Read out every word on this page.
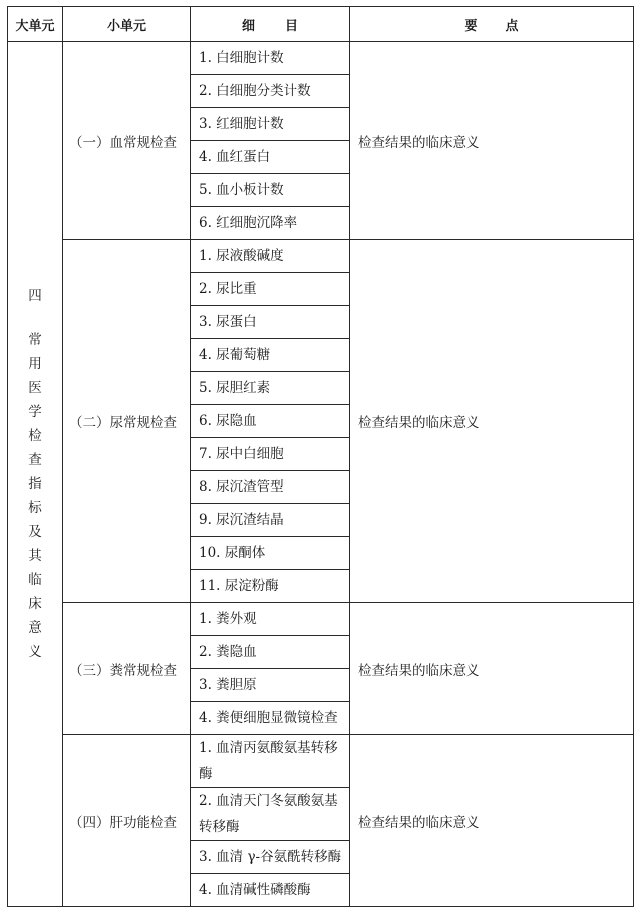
大单元	小单元	细目	要点

四
常用医学检查指标及其临床意义	（一）血常规检查	1. 白细胞计数	检查结果的临床意义
		2. 白细胞分类计数	
		3. 红细胞计数	
		4. 血红蛋白	
		5. 血小板计数	
		6. 红细胞沉降率	
	（二）尿常规检查	1. 尿液酸碱度	检查结果的临床意义
		2. 尿比重	
		3. 尿蛋白	
		4. 尿葡萄糖	
		5. 尿胆红素	
		6. 尿隐血	
		7. 尿中白细胞	
		8. 尿沉渣管型	
		9. 尿沉渣结晶	
		10. 尿酮体	
		11. 尿淀粉酶	
	（三）粪常规检查	1. 粪外观	检查结果的临床意义
		2. 粪隐血	
		3. 粪胆原	
		4. 粪便细胞显微镜检查	
	（四）肝功能检查	1. 血清丙氨酸氨基转移酶	检查结果的临床意义
		2. 血清天门冬氨酸氨基转移酶	
		3. 血清 γ-谷氨酰转移酶	
		4. 血清碱性磷酸酶	
